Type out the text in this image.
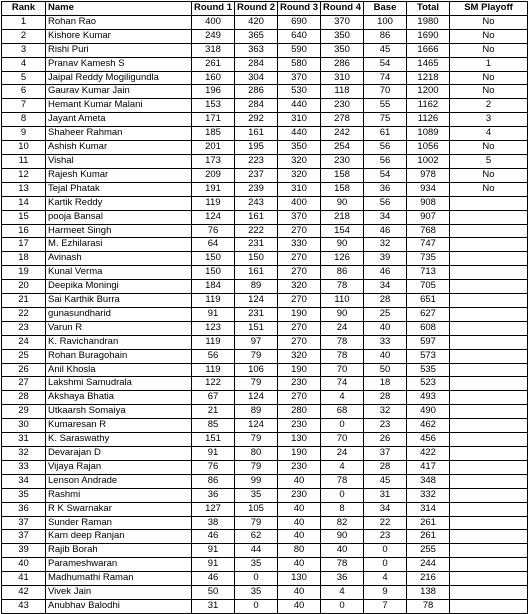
Rank	Name	Round 1	Round 2	Round 3	Round 4	Base	Total	SM Playoff
1	Rohan Rao	400	420	690	370	100	1980	No
2	Kishore Kumar	249	365	640	350	86	1690	No
3	Rishi Puri	318	363	590	350	45	1666	No
4	Pranav Kamesh S	261	284	580	286	54	1465	1
5	Jaipal Reddy Mogiligundla	160	304	370	310	74	1218	No
6	Gaurav Kumar Jain	196	286	530	118	70	1200	No
7	Hemant Kumar Malani	153	284	440	230	55	1162	2
8	Jayant Ameta	171	292	310	278	75	1126	3
9	Shaheer Rahman	185	161	440	242	61	1089	4
10	Ashish Kumar	201	195	350	254	56	1056	No
11	Vishal	173	223	320	230	56	1002	5
12	Rajesh Kumar	209	237	320	158	54	978	No
13	Tejal Phatak	191	239	310	158	36	934	No
14	Kartik Reddy	119	243	400	90	56	908	
15	pooja Bansal	124	161	370	218	34	907	
16	Harmeet Singh	76	222	270	154	46	768	
17	M. Ezhilarasi	64	231	330	90	32	747	
18	Avinash	150	150	270	126	39	735	
19	Kunal Verma	150	161	270	86	46	713	
20	Deepika Moningi	184	89	320	78	34	705	
21	Sai Karthik Burra	119	124	270	110	28	651	
22	gunasundharid	91	231	190	90	25	627	
23	Varun R	123	151	270	24	40	608	
24	K. Ravichandran	119	97	270	78	33	597	
25	Rohan Buragohain	56	79	320	78	40	573	
26	Anil Khosla	119	106	190	70	50	535	
27	Lakshmi Samudrala	122	79	230	74	18	523	
28	Akshaya Bhatia	67	124	270	4	28	493	
29	Utkaarsh Somaiya	21	89	280	68	32	490	
30	Kumaresan R	85	124	230	0	23	462	
31	K. Saraswathy	151	79	130	70	26	456	
32	Devarajan D	91	80	190	24	37	422	
33	Vijaya Rajan	76	79	230	4	28	417	
34	Lenson Andrade	86	99	40	78	45	348	
35	Rashmi	36	35	230	0	31	332	
36	R K Swarnakar	127	105	40	8	34	314	
37	Sunder Raman	38	79	40	82	22	261	
37	Karn deep Ranjan	46	62	40	90	23	261	
39	Rajib Borah	91	44	80	40	0	255	
40	Parameshwaran	91	35	40	78	0	244	
41	Madhumathi Raman	46	0	130	36	4	216	
42	Vivek Jain	50	35	40	4	9	138	
43	Anubhav Balodhi	31	0	40	0	7	78	
